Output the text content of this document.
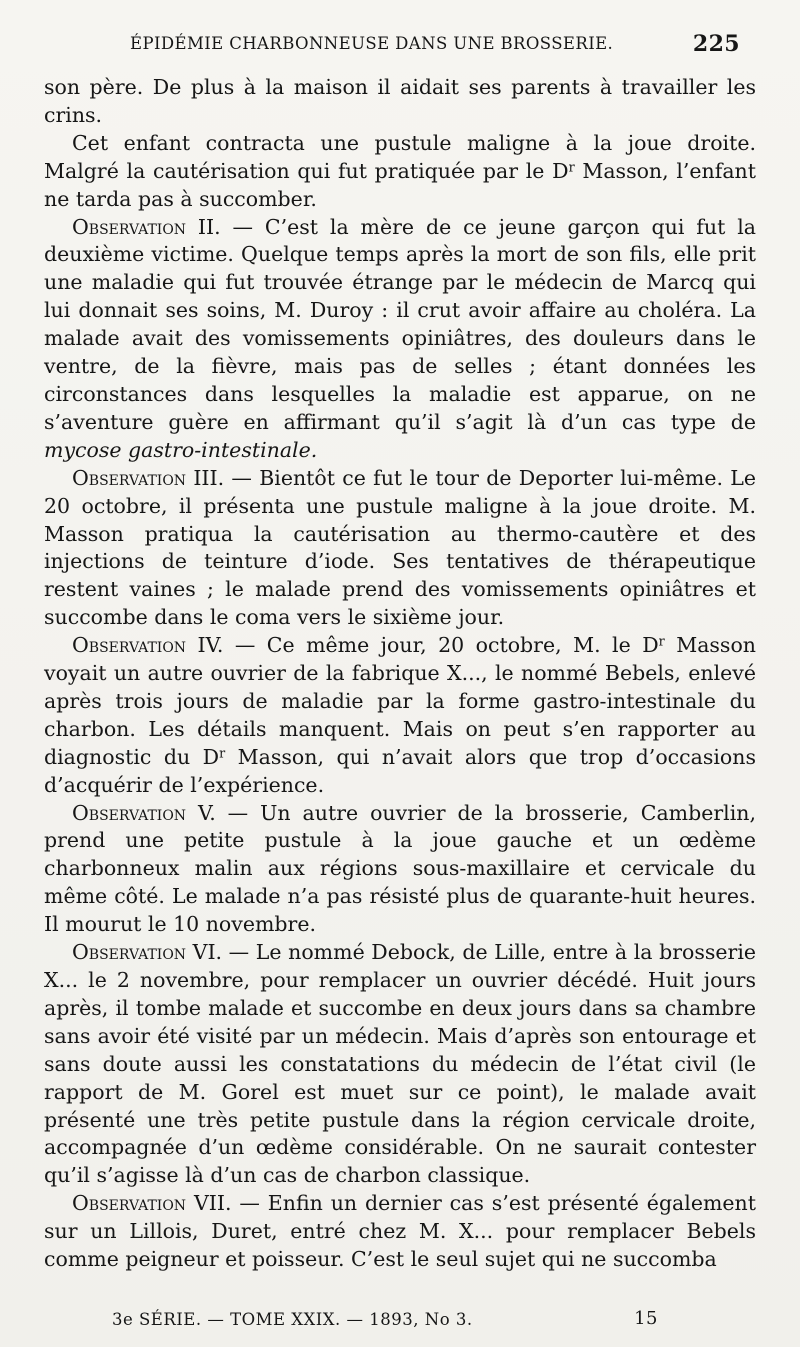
ÉPIDÉMIE CHARBONNEUSE DANS UNE BROSSERIE.	225

son père. De plus à la maison il aidait ses parents à travailler les crins.

Cet enfant contracta une pustule maligne à la joue droite. Malgré la cautérisation qui fut pratiquée par le $D^r$ Masson, l’enfant ne tarda pas à succomber.

Observation II. — C’est la mère de ce jeune garçon qui fut la deuxième victime. Quelque temps après la mort de son fils, elle prit une maladie qui fut trouvée étrange par le médecin de Marcq qui lui donnait ses soins, M. Duroy : il crut avoir affaire au choléra. La malade avait des vomissements opiniâtres, des douleurs dans le ventre, de la fièvre, mais pas de selles ; étant données les circonstances dans lesquelles la maladie est apparue, on ne s’aventure guère en affirmant qu’il s’agit là d’un cas type de mycose gastro-intestinale.

Observation III. — Bientôt ce fut le tour de Deporter lui-même. Le 20 octobre, il présenta une pustule maligne à la joue droite. M. Masson pratiqua la cautérisation au thermo-cautère et des injections de teinture d’iode. Ses tentatives de thérapeutique restent vaines ; le malade prend des vomissements opiniâtres et succombe dans le coma vers le sixième jour.

Observation IV. — Ce même jour, 20 octobre, M. le $D^r$ Masson voyait un autre ouvrier de la fabrique X..., le nommé Bebels, enlevé après trois jours de maladie par la forme gastro-intestinale du charbon. Les détails manquent. Mais on peut s’en rapporter au diagnostic du $D^r$ Masson, qui n’avait alors que trop d’occasions d’acquérir de l’expérience.

Observation V. — Un autre ouvrier de la brosserie, Camberlin, prend une petite pustule à la joue gauche et un œdème charbonneux malin aux régions sous-maxillaire et cervicale du même côté. Le malade n’a pas résisté plus de quarante-huit heures. Il mourut le 10 novembre.

Observation VI. — Le nommé Debock, de Lille, entre à la brosserie X... le 2 novembre, pour remplacer un ouvrier décédé. Huit jours après, il tombe malade et succombe en deux jours dans sa chambre sans avoir été visité par un médecin. Mais d’après son entourage et sans doute aussi les constatations du médecin de l’état civil (le rapport de M. Gorel est muet sur ce point), le malade avait présenté une très petite pustule dans la région cervicale droite, accompagnée d’un œdème considérable. On ne saurait contester qu’il s’agisse là d’un cas de charbon classique.

Observation VII. — Enfin un dernier cas s’est présenté également sur un Lillois, Duret, entré chez M. X... pour remplacer Bebels comme peigneur et poisseur. C’est le seul sujet qui ne succomba

3e SÉRIE. — TOME XXIX. — 1893, No 3.	15
